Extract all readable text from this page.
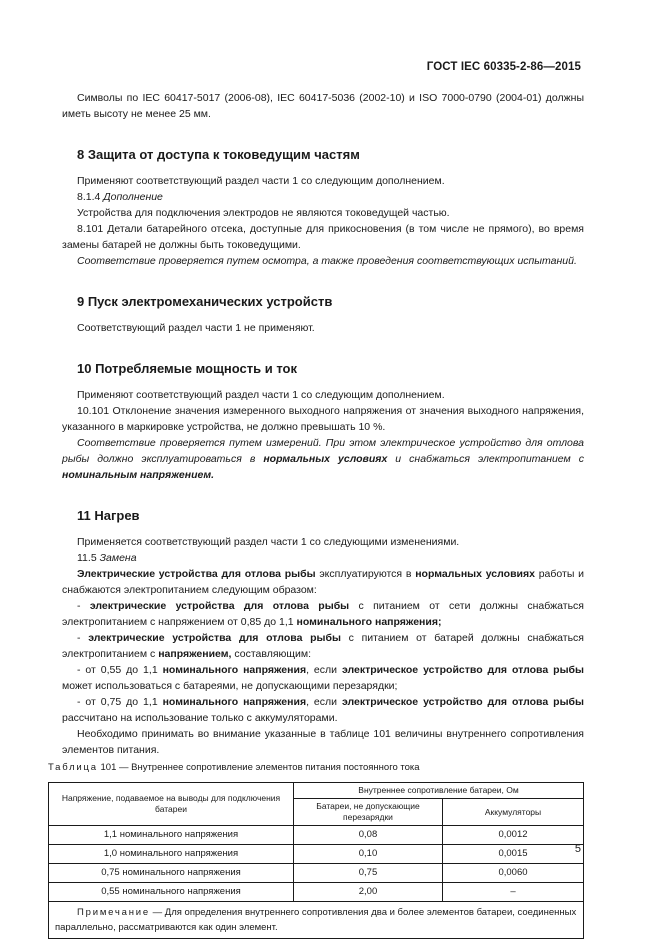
ГОСТ IEC 60335-2-86—2015

Символы по IEC 60417-5017 (2006-08), IEC 60417-5036 (2002-10) и ISO 7000-0790 (2004-01) должны иметь высоту не менее 25 мм.

8 Защита от доступа к токоведущим частям

Применяют соответствующий раздел части 1 со следующим дополнением.

8.1.4 Дополнение

Устройства для подключения электродов не являются токоведущей частью.

8.101 Детали батарейного отсека, доступные для прикосновения (в том числе не прямого), во время замены батарей не должны быть токоведущими.

Соответствие проверяется путем осмотра, а также проведения соответствующих испытаний.

9 Пуск электромеханических устройств

Соответствующий раздел части 1 не применяют.

10 Потребляемые мощность и ток

Применяют соответствующий раздел части 1 со следующим дополнением.

10.101 Отклонение значения измеренного выходного напряжения от значения выходного напряжения, указанного в маркировке устройства, не должно превышать 10 %.

Соответствие проверяется путем измерений. При этом электрическое устройство для отлова рыбы должно эксплуатироваться в нормальных условиях и снабжаться электропитанием с номинальным напряжением.

11 Нагрев

Применяется соответствующий раздел части 1 со следующими изменениями.

11.5 Замена

Электрические устройства для отлова рыбы эксплуатируются в нормальных условиях работы и снабжаются электропитанием следующим образом:

- электрические устройства для отлова рыбы с питанием от сети должны снабжаться электропитанием с напряжением от 0,85 до 1,1 номинального напряжения;

- электрические устройства для отлова рыбы с питанием от батарей должны снабжаться электропитанием с напряжением, составляющим:

- от 0,55 до 1,1 номинального напряжения, если электрическое устройство для отлова рыбы может использоваться с батареями, не допускающими перезарядки;

- от 0,75 до 1,1 номинального напряжения, если электрическое устройство для отлова рыбы рассчитано на использование только с аккумуляторами.

Необходимо принимать во внимание указанные в таблице 101 величины внутреннего сопротивления элементов питания.

Таблица 101 — Внутреннее сопротивление элементов питания постоянного тока

Напряжение, подаваемое на выводы для подключения батареи	Внутреннее сопротивление батареи, Ом	
	Батареи, не допускающие перезарядки	Аккумуляторы
1,1 номинального напряжения	0,08	0,0012
1,0 номинального напряжения	0,10	0,0015
0,75 номинального напряжения	0,75	0,0060
0,55 номинального напряжения	2,00	–
Примечание — Для определения внутреннего сопротивления два и более элементов батареи, соединенных параллельно, рассматриваются как один элемент.		
5
